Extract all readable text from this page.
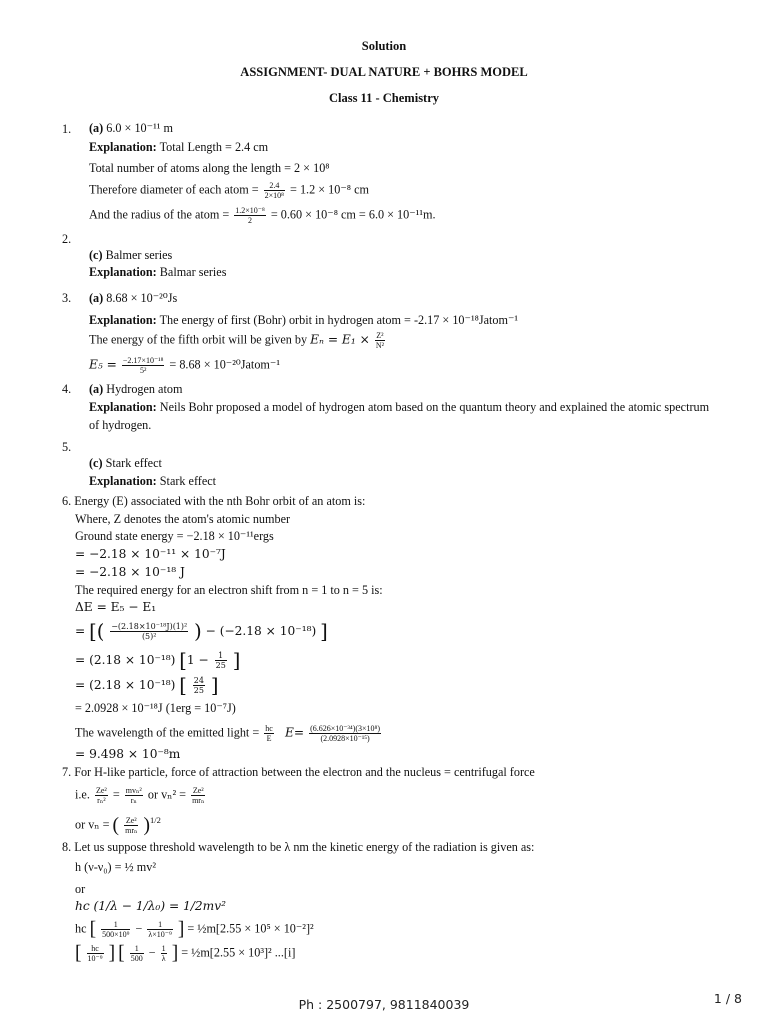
Solution
ASSIGNMENT- DUAL NATURE + BOHRS MODEL
Class 11 - Chemistry
1. (a) 6.0 × 10⁻¹¹ m
Explanation: Total Length = 2.4 cm
Total number of atoms along the length = 2 × 10⁸
Therefore diameter of each atom = $\frac{2.4}{\text{2×10⁸}} = 1.2 \times 10^{-8}$ cm
And the radius of the atom = $\frac{\text{1.2×10⁻⁸}}{2} = 0.60 \times 10^{-8}$ cm = 6.0 × 10⁻¹¹m.
2.
(c) Balmer series
Explanation: Balmar series
3. (a) 8.68 × 10⁻²⁰Js
Explanation: The energy of first (Bohr) orbit in hydrogen atom = -2.17 × 10⁻¹⁸Jatom⁻¹
The energy of the fifth orbit will be given by $E_n = E_1 \times \frac{\text{Z²}}{\text{N²}}$
$E_5 = \frac{\text{−2.17×10⁻¹⁸}}{\text{5²}} = 8.68$ × 10⁻²⁰Jatom⁻¹
4. (a) Hydrogen atom
Explanation: Neils Bohr proposed a model of hydrogen atom based on the quantum theory and explained the atomic spectrum
of hydrogen.
5.
(c) Stark effect
Explanation: Stark effect
6. Energy (E) associated with the nth Bohr orbit of an atom is:
Where, Z denotes the atom's atomic number
Ground state energy = −2.18 × 10⁻¹¹ergs
= −2.18 × 10⁻¹¹ × 10⁻⁷J
= −2.18 × 10⁻¹⁸ J
The required energy for an electron shift from n = 1 to n = 5 is:
ΔE = E₅ − E₁
= [( $\frac{\text{−(2.18×10⁻¹⁸J)(1)²}}{\text{(5)²}}$ ) − (−2.18 × 10⁻¹⁸) ]
= (2.18 × 10⁻¹⁸) [$1 - \frac{1}{25}$ ]
= (2.18 × 10⁻¹⁸) [ $\frac{24}{25}$ ]
= 2.0928 × 10⁻¹⁸J (1erg = 10⁻⁷J)
The wavelength of the emitted light = $\frac{hc}{E} E= \frac{\text{(6.626×10⁻³⁴)(3×10⁸)}}{\text{(2.0928×10⁻¹⁵)}}$
= 9.498 × 10⁻⁸m
7. For H-like particle, force of attraction between the electron and the nucleus = centrifugal force
i.e. $\frac{\text{Ze²}}{\text{rₙ²}} = \frac{\text{mvₙ²}}{\text{rₙ}}$ or $v_n^2 = \frac{\text{Ze²}}{\text{mrₙ}}$
or vₙ = ( $\frac{\text{Ze²}}{\text{mrₙ}} )^{1/2}$
8. Let us suppose threshold wavelength to be λ nm the kinetic energy of the radiation is given as:
h (ν-ν₀) = ½ mv²
or
hc (1/λ − 1/λ₀) = 1/2mv²
hc [ $\frac{1}{\text{500×10⁹}} - \frac{1}{\text{λ×10⁻⁹}}$ ] = ½m[2.55 × 10⁵ × 10⁻²]²
[ $\frac{hc}{\text{10⁻⁹}}$ ] [ $\frac{1}{500} - \frac{1}{\lambda}$ ] = ½m[2.55 × 10³]² ...[i]
Ph : 2500797, 9811840039	1 / 8
